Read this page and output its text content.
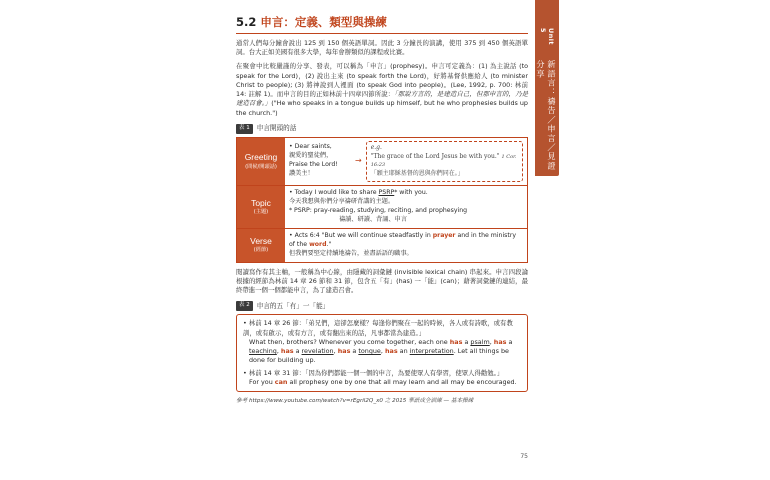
5.2 申言：定義、類型與操練

通常人們每分鐘會說出 125 到 150 個英語單詞。因此 3 分鐘長的演講，使用 375 到 450 個英語單詞。台大正如美國有很多大學，每年會辦類似的課程或比賽。

在聚會中比較嚴謹的分享、發表，可以稱為「申言」(prophesy)。申言可定義為：(1) 為主說話 (to speak for the Lord)，(2) 說出主來 (to speak forth the Lord)，好將基督供應給人 (to minister Christ to people); (3) 將神說到人裡面 (to speak God into people)。(Lee, 1992, p. 700: 林前 14: 註解 1)。而申言的目的正如林前十四章四節所說：「那說方言的，是建造自己，但那申言的，乃是建造召會。」("He who speaks in a tongue builds up himself, but he who prophesies builds up the church.")

表 1	申言開頭的話
Greeting
(問候/開頭話)
• Dear saints,
親愛的聖徒們，
Praise the Lord!
讚美主！
→
e.g.
"The grace of the Lord Jesus be with you." 1 Cor. 16:23
「願主耶穌基督的恩與你們同在。」
Topic
(主題)
• Today I would like to share PSRP* with you.
今天我想與你們分享禱研背講的主題。
* PSRP: pray-reading, studying, reciting, and prophesying
禱讀、研讀、背誦、申言
Verse
(經節)
• Acts 6:4 "But we will continue steadfastly in prayer and in the ministry of the word."
但我們要堅定持續地禱告，並盡話語的職事。

閱讀寫作有其主軸，一般稱為中心線，由隱藏的詞彙鏈 (invisible lexical chain) 串起來。申言四段論根據的經節為林前 14 章 26 節和 31 節，包含五「有」(has) 一「能」(can)；藉著詞彙鏈的連結，最終帶進一個一個都能申言，為了建造召會。

表 2	申言的五「有」一「能」
• 林前 14 章 26 節：「弟兄們，這卻怎麼樣？每逢你們聚在一起的時候，各人或有詩歌，或有教訓，或有啟示，或有方言，或有翻出來的話，凡事都當為建造。」
What then, brothers? Whenever you come together, each one has a psalm, has a teaching, has a revelation, has a tongue, has an interpretation. Let all things be done for building up.
• 林前 14 章 31 節：「因為你們都能一個一個的申言，為要使眾人有學習，使眾人得勸勉。」
For you can all prophesy one by one that all may learn and all may be encouraged.

參考 https://www.youtube.com/watch?v=rEgril2Q_x0 之 2015 華語成全訓練 — 基本操練

75
Unit 5
新語言：禱告／申言／見證分享
